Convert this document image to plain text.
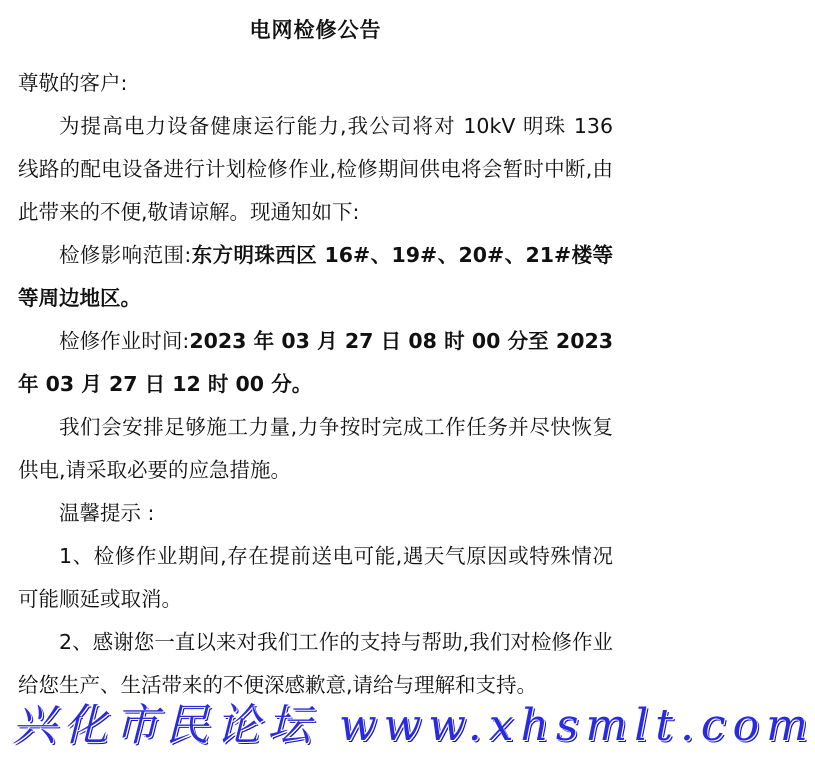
电网检修公告

尊敬的客户:

为提高电力设备健康运行能力,我公司将对 10kV 明珠 136 线路的配电设备进行计划检修作业,检修期间供电将会暂时中断,由此带来的不便,敬请谅解。现通知如下:

检修影响范围:东方明珠西区 16#、19#、20#、21#楼等等周边地区。

检修作业时间:2023 年 03 月 27 日 08 时 00 分至 2023 年 03 月 27 日 12 时 00 分。

我们会安排足够施工力量,力争按时完成工作任务并尽快恢复供电,请采取必要的应急措施。

温馨提示 :

1、检修作业期间,存在提前送电可能,遇天气原因或特殊情况可能顺延或取消。

2、感谢您一直以来对我们工作的支持与帮助,我们对检修作业给您生产、生活带来的不便深感歉意,请给与理解和支持。

兴化市民论坛 www.xhsmlt.com
